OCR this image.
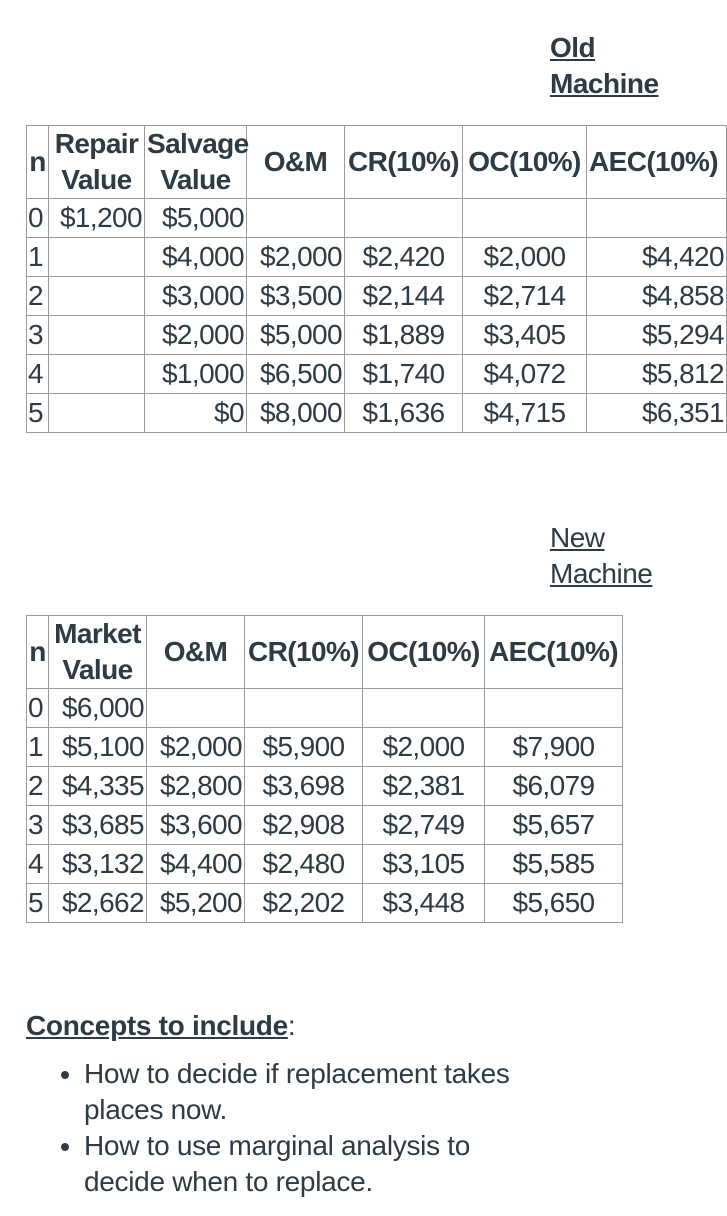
Old
Machine
n	Repair Value	Salvage Value	O&M	CR(10%)	OC(10%)	AEC(10%)
0	$1,200	$5,000				
1		$4,000	$2,000	$2,420	$2,000	$4,420
2		$3,000	$3,500	$2,144	$2,714	$4,858
3		$2,000	$5,000	$1,889	$3,405	$5,294
4		$1,000	$6,500	$1,740	$4,072	$5,812
5		$0	$8,000	$1,636	$4,715	$6,351
New
Machine
n	Market Value	O&M	CR(10%)	OC(10%)	AEC(10%)
0	$6,000				
1	$5,100	$2,000	$5,900	$2,000	$7,900
2	$4,335	$2,800	$3,698	$2,381	$6,079
3	$3,685	$3,600	$2,908	$2,749	$5,657
4	$3,132	$4,400	$2,480	$3,105	$5,585
5	$2,662	$5,200	$2,202	$3,448	$5,650
Concepts to include:
• How to decide if replacement takes places now.
• How to use marginal analysis to decide when to replace.
